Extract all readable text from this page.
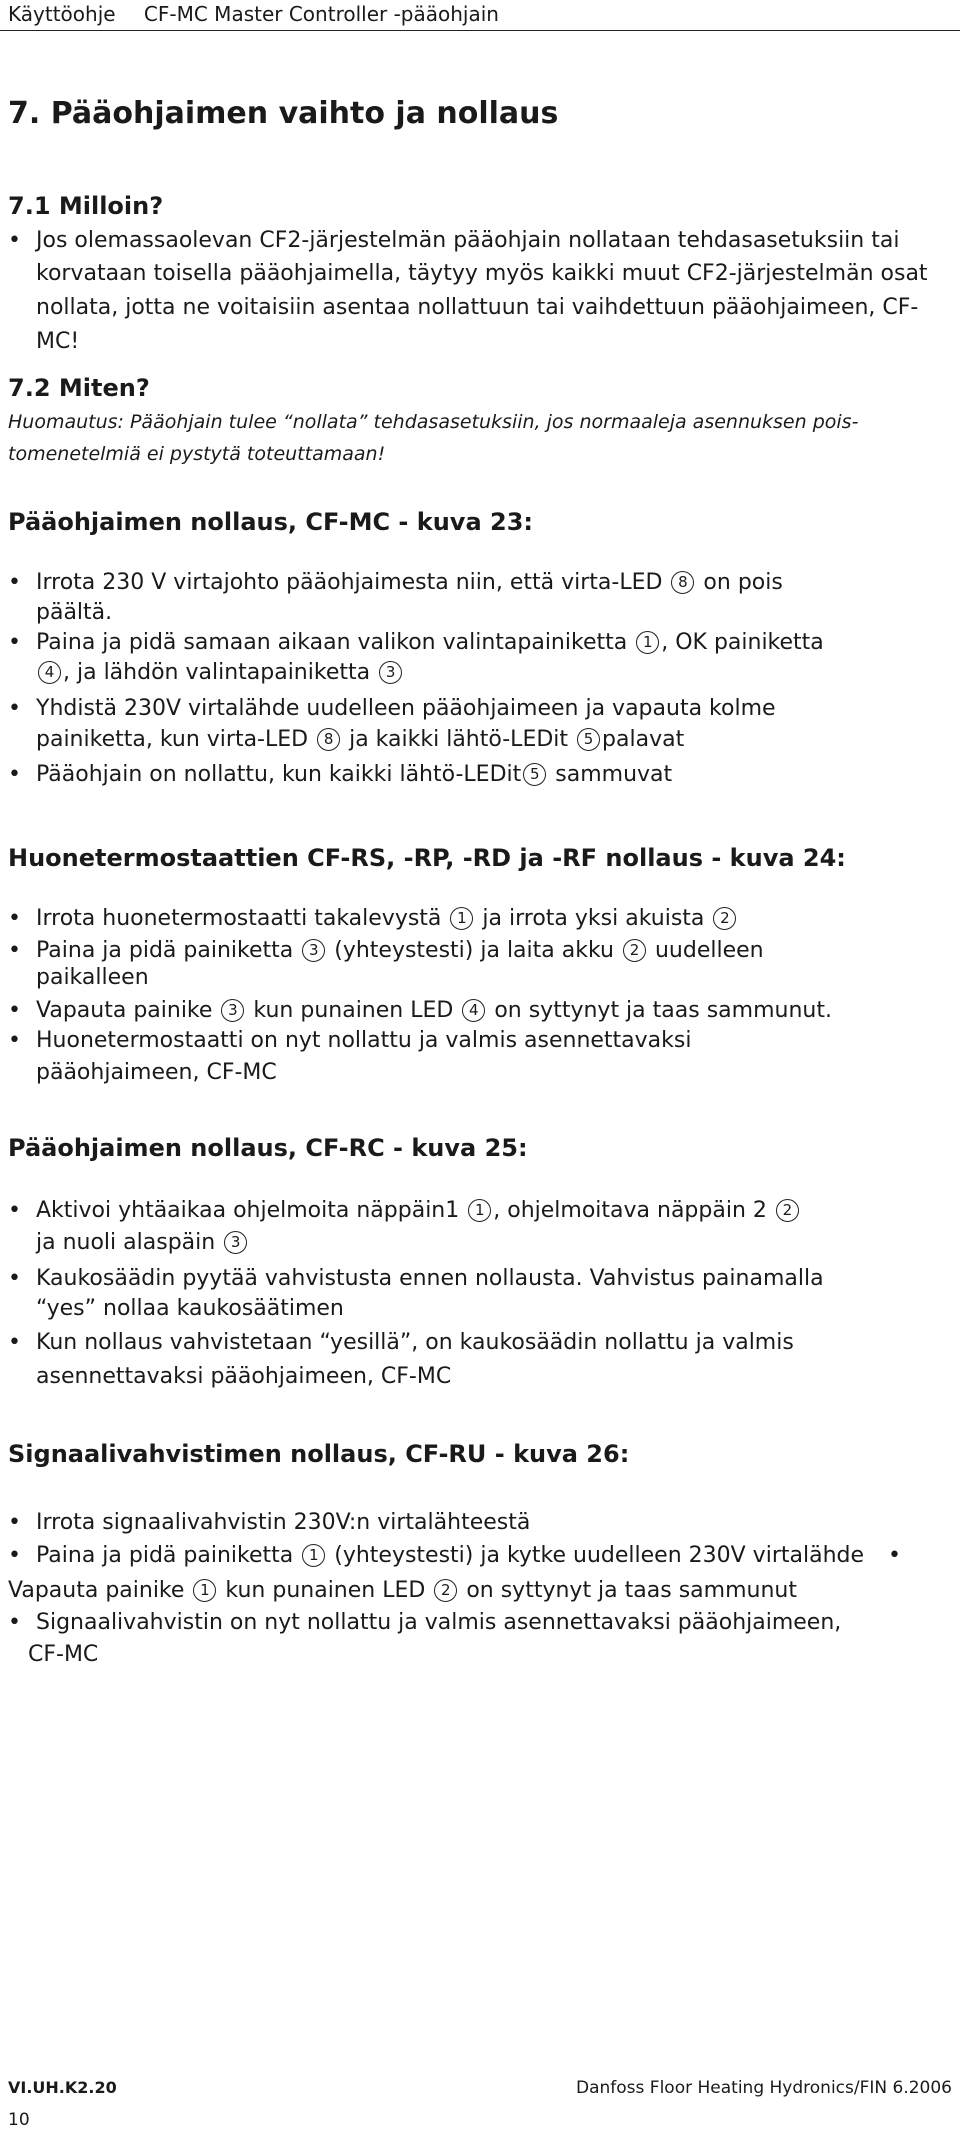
Käyttöohje CF-MC Master Controller -pääohjain
7. Pääohjaimen vaihto ja nollaus
7.1 Milloin?
• Jos olemassaolevan CF2-järjestelmän pääohjain nollataan tehdasasetuksiin tai
korvataan toisella pääohjaimella, täytyy myös kaikki muut CF2-järjestelmän osat
nollata, jotta ne voitaisiin asentaa nollattuun tai vaihdettuun pääohjaimeen, CF-
MC!
7.2 Miten?
Huomautus: Pääohjain tulee “nollata” tehdasasetuksiin, jos normaaleja asennuksen pois-
tomenetelmiä ei pystytä toteuttamaan!
Pääohjaimen nollaus, CF-MC - kuva 23:
• Irrota 230 V virtajohto pääohjaimesta niin, että virta-LED 8 on pois
päältä.
• Paina ja pidä samaan aikaan valikon valintapainiketta 1 , OK painiketta
4 , ja lähdön valintapainiketta 3
• Yhdistä 230V virtalähde uudelleen pääohjaimeen ja vapauta kolme
painiketta, kun virta-LED 8 ja kaikki lähtö-LEDit 5 palavat
• Pääohjain on nollattu, kun kaikki lähtö-LEDit 5 sammuvat
Huonetermostaattien CF-RS, -RP, -RD ja -RF nollaus - kuva 24:
• Irrota huonetermostaatti takalevystä 1 ja irrota yksi akuista 2
• Paina ja pidä painiketta 3 (yhteystesti) ja laita akku 2 uudelleen
paikalleen
• Vapauta painike 3 kun punainen LED 4 on syttynyt ja taas sammunut.
• Huonetermostaatti on nyt nollattu ja valmis asennettavaksi
pääohjaimeen, CF-MC
Pääohjaimen nollaus, CF-RC - kuva 25:
• Aktivoi yhtäaikaa ohjelmoita näppäin1 1 , ohjelmoitava näppäin 2 2
ja nuoli alaspäin 3
• Kaukosäädin pyytää vahvistusta ennen nollausta. Vahvistus painamalla
“yes” nollaa kaukosäätimen
• Kun nollaus vahvistetaan “yesillä”, on kaukosäädin nollattu ja valmis
asennettavaksi pääohjaimeen, CF-MC
Signaalivahvistimen nollaus, CF-RU - kuva 26:
• Irrota signaalivahvistin 230V:n virtalähteestä
• Paina ja pidä painiketta 1 (yhteystesti) ja kytke uudelleen 230V virtalähde •
Vapauta painike 1 kun punainen LED 2 on syttynyt ja taas sammunut
• Signaalivahvistin on nyt nollattu ja valmis asennettavaksi pääohjaimeen,
CF-MC
VI.UH.K2.20	Danfoss Floor Heating Hydronics/FIN 6.2006
10
